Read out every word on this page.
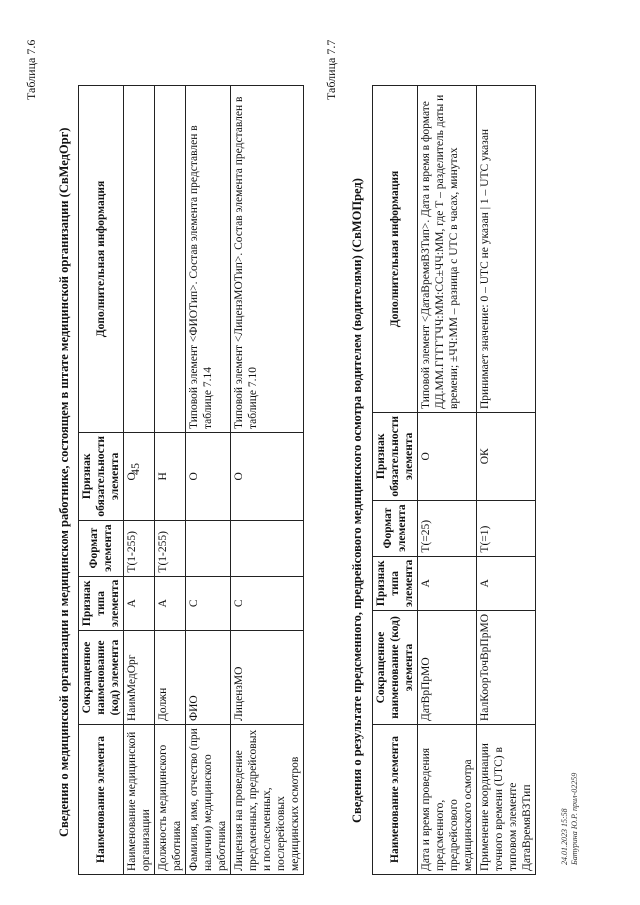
45
Таблица 7.6
Сведения о медицинской организации и медицинском работнике, состоящем в штате медицинской организации (СвМедОрг) Наименование элемента	Сокращенное наименование (код) элемента	Признак типа элемента	Формат элемента	Признак обязательности элемента	Дополнительная информация
Наименование медицинской организации	НаимМедОрг	А	Т(1-255)	О	
Должность медицинского работника	Должн	А	Т(1-255)	Н	
Фамилия, имя, отчество (при наличии) медицинского работника	ФИО	С		О	Типовой элемент <ФИОТип>. Состав элемента представлен в таблице 7.14
Лицензия на проведение предсменных, предрейсовых и послесменных, послерейсовых медицинских осмотров	ЛицензМО	С		О	Типовой элемент <ЛицензМОТип>. Состав элемента представлен в таблице 7.10
Таблица 7.7
Сведения о результате предсменного, предрейсового медицинского осмотра водителем (водителями) (СвМОПред) Наименование элемента	Сокращенное наименование (код) элемента	Признак типа элемента	Формат элемента	Признак обязательности элемента	Дополнительная информация
Дата и время проведения предсменного, предрейсового медицинского осмотра	ДатВрПрМО	А	Т(=25)	О	Типовой элемент <ДатаВремяВЗТип>. Дата и время в формате ДД.ММ.ГГГГТЧЧ:ММ:СС±ЧЧ:ММ, где Т – разделитель даты и времени; ±ЧЧ:ММ – разница с UTC в часах, минутах
Применение координации точного времени (UTC) в типовом элементе ДатаВремяВЗТип	НалКоорТочВрПрМО	А	Т(=1)	ОК	Принимает значение: 0 – UTC не указан | 1 – UTC указан
24.01.2023 15:58 Батурина Ю.Р. прил-02259
